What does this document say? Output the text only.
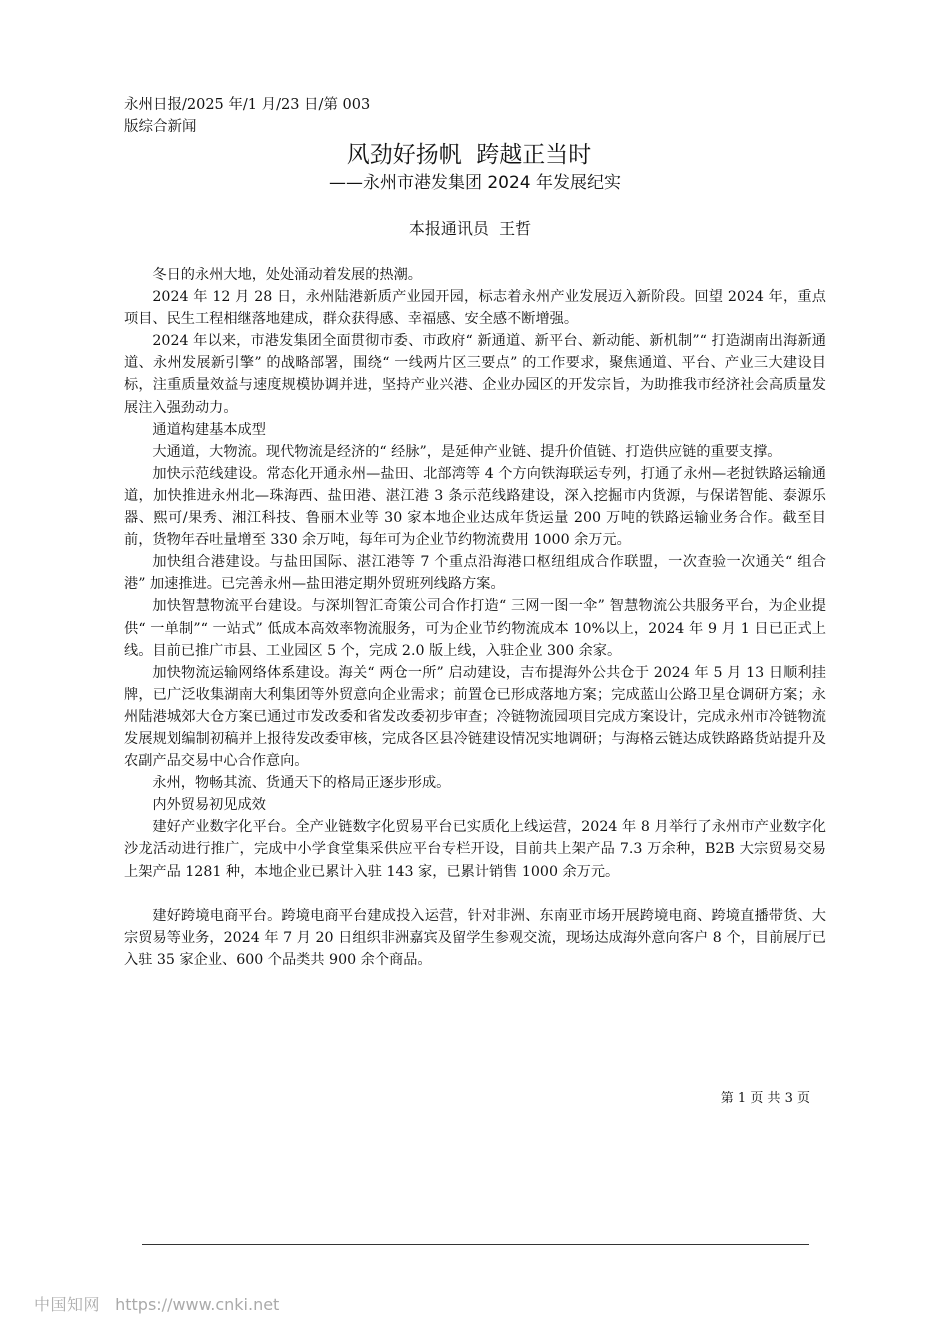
永州日报/2025 年/1 月/23 日/第 003
版综合新闻
风劲好扬帆  跨越正当时
——永州市港发集团 2024 年发展纪实
本报通讯员  王哲

冬日的永州大地，处处涌动着发展的热潮。

2024 年 12 月 28 日，永州陆港新质产业园开园，标志着永州产业发展迈入新阶段。回望 2024 年，重点项目、民生工程相继落地建成，群众获得感、幸福感、安全感不断增强。

2024 年以来，市港发集团全面贯彻市委、市政府“ 新通道、新平台、新动能、新机制”“ 打造湖南出海新通道、永州发展新引擎” 的战略部署，围绕“ 一线两片区三要点” 的工作要求，聚焦通道、平台、产业三大建设目标，注重质量效益与速度规模协调并进，坚持产业兴港、企业办园区的开发宗旨，为助推我市经济社会高质量发展注入强劲动力。

通道构建基本成型

大通道，大物流。现代物流是经济的“ 经脉”，是延伸产业链、提升价值链、打造供应链的重要支撑。

加快示范线建设。常态化开通永州—盐田、北部湾等 4 个方向铁海联运专列，打通了永州—老挝铁路运输通道，加快推进永州北—珠海西、盐田港、湛江港 3 条示范线路建设，深入挖掘市内货源，与保诺智能、泰源乐器、熙可/果秀、湘江科技、鲁丽木业等 30 家本地企业达成年货运量 200 万吨的铁路运输业务合作。截至目前，货物年吞吐量增至 330 余万吨，每年可为企业节约物流费用 1000 余万元。

加快组合港建设。与盐田国际、湛江港等 7 个重点沿海港口枢纽组成合作联盟，一次查验一次通关“ 组合港” 加速推进。已完善永州—盐田港定期外贸班列线路方案。

加快智慧物流平台建设。与深圳智汇奇策公司合作打造“ 三网一图一伞” 智慧物流公共服务平台，为企业提供“ 一单制”“ 一站式” 低成本高效率物流服务，可为企业节约物流成本 10%以上，2024 年 9 月 1 日已正式上线。目前已推广市县、工业园区 5 个，完成 2.0 版上线，入驻企业 300 余家。

加快物流运输网络体系建设。海关“ 两仓一所” 启动建设，吉布提海外公共仓于 2024 年 5 月 13 日顺利挂牌，已广泛收集湖南大利集团等外贸意向企业需求；前置仓已形成落地方案；完成蓝山公路卫星仓调研方案；永州陆港城郊大仓方案已通过市发改委和省发改委初步审查；冷链物流园项目完成方案设计，完成永州市冷链物流发展规划编制初稿并上报待发改委审核，完成各区县冷链建设情况实地调研；与海格云链达成铁路路货站提升及农副产品交易中心合作意向。

永州，物畅其流、货通天下的格局正逐步形成。

内外贸易初见成效

建好产业数字化平台。全产业链数字化贸易平台已实质化上线运营，2024 年 8 月举行了永州市产业数字化沙龙活动进行推广，完成中小学食堂集采供应平台专栏开设，目前共上架产品 7.3 万余种，B2B 大宗贸易交易上架产品 1281 种，本地企业已累计入驻 143 家，已累计销售 1000 余万元。

建好跨境电商平台。跨境电商平台建成投入运营，针对非洲、东南亚市场开展跨境电商、跨境直播带货、大宗贸易等业务，2024 年 7 月 20 日组织非洲嘉宾及留学生参观交流，现场达成海外意向客户 8 个，目前展厅已入驻 35 家企业、600 个品类共 900 余个商品。

第 1 页 共 3 页
中国知网 https://www.cnki.net
